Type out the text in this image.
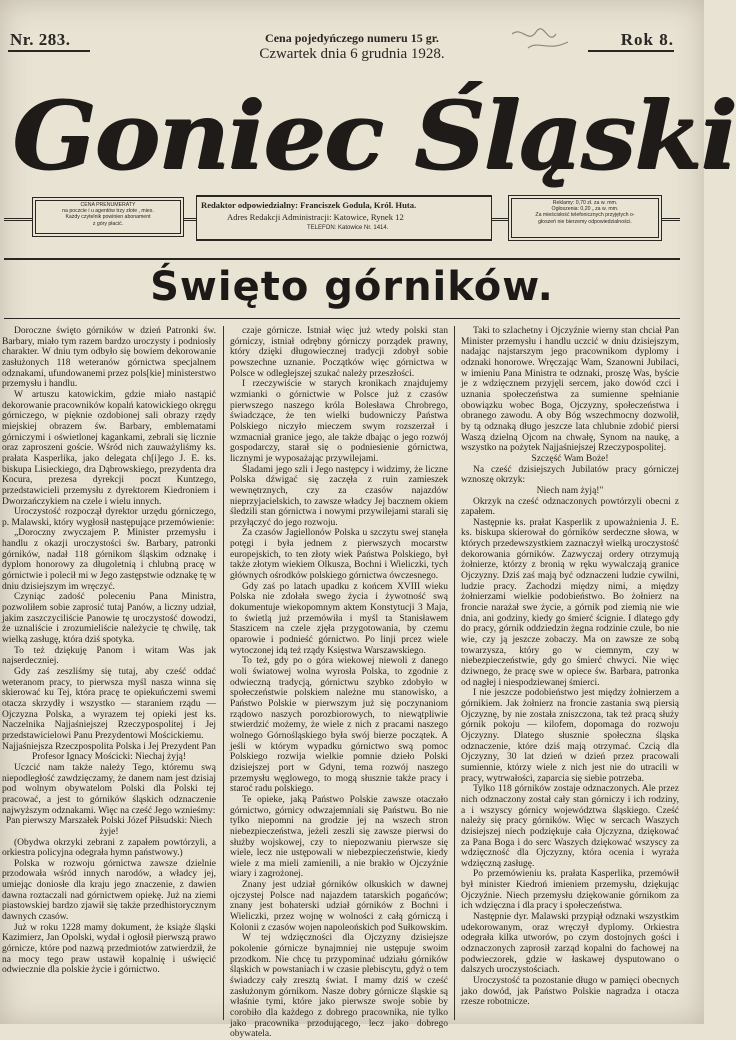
Nr. 283.	Cena pojedyńczego numeru 15 gr.
Czwartek dnia 6 grudnia 1928.
Rok 8.
Goniec Śląski
CENA PRENUMERATY
na poczcie i u agentów trzy złote , mies.
Każdy czytelnik powinien abonament
z góry płacić.
Redaktor odpowiedzialny: Franciszek Godula, Król. Huta.
Adres Redakcji Administracji: Katowice, Rynek 12
TELEFON: Katowice Nr. 1414.
Reklamy: 0,70 zł. za w. mm.
Ogłoszenia: 0,20 „ za w. mm.
Za mieścisłość telefonicznych przyjętych o-
głoszeń nie bierzemy odpowiedzialności.
Święto górników.

Doroczne święto górników w dzień Patronki św. Barbary, miało tym razem bardzo uroczysty i podniosły charakter. W dniu tym odbyło się bowiem dekorowanie zasłużonych 118 weteranów górnictwa specjalnem odznakami, ufundowanemi przez pols[kie] ministerstwo przemysłu i handlu.

W artuszu katowickim, gdzie miało nastąpić dekorowanie pracowników kopalń katowickiego okręgu górniczego, w pięknie ozdobionej sali obrazy rzędy miejskiej obrazem św. Barbary, emblematami górniczymi i oświetlonej kagankami, zebrali się licznie oraz zaproszeni goście. Wśród nich zauważyliśmy ks. prałata Kasperlika, jako delegata ch[i]ego J. E. ks. biskupa Lisieckiego, dra Dąbrowskiego, prezydenta dra Kocura, prezesa dyrekcji poczt Kuntzego, przedstawicieli przemysłu z dyrektorem Kiedroniem i Dworzańczykiem na czele i wielu innych.

Uroczystość rozpoczął dyrektor urzędu górniczego, p. Malawski, który wygłosił następujące przemówienie:

„Doroczny zwyczajem P. Minister przemysłu i handlu z okazji uroczystości św. Barbary, patronki górników, nadał 118 górnikom śląskim odznakę i dyplom honorowy za długoletnią i chlubną pracę w górnictwie i polecił mi w Jego zastępstwie odznakę tę w dniu dzisiejszym im wręczyć.

Czyniąc zadość poleceniu Pana Ministra, pozwoliłem sobie zaprosić tutaj Panów, a liczny udział, jakim zaszczyciliście Panowie tę uroczystość dowodzi, że uznaliście i zrozumieliście należycie tę chwilę, tak wielką zasługę, która dziś spotyka.

To też dziękuję Panom i witam Was jak najserdeczniej.

Gdy zaś zeszliśmy się tutaj, aby cześć oddać weteranom pracy, to pierwsza myśl nasza winna się skierować ku Tej, która pracę te opiekuńczemi swemi otacza skrzydły i wszystko — staraniem rządu — Ojczyzna Polska, a wyrazem tej opieki jest ks. Naczelnika Najjaśniejszej Rzeczypospolitej i Jej przedstawicielowi Panu Prezydentowi Mościckiemu.

Najjaśniejsza Rzeczpospolita Polska i Jej Prezydent Pan Profesor Ignacy Mościcki: Niechaj żyją!

Uczcić nam także należy Tego, któremu swą niepodległość zawdzięczamy, że danem nam jest dzisiaj pod wolnym obywatelom Polski dla Polski tej pracować, a jest to górników śląskich odznaczenie najwyższym odznakami. Więc na cześć Jego wznieśmy:

Pan pierwszy Marszałek Polski Józef Piłsudski: Niech żyje!

(Obydwa okrzyki zebrani z zapałem powtórzyli, a orkiestra policyjna odegrała hymn państwowy.)

Polska w rozwoju górnictwa zawsze dzielnie przodowała wśród innych narodów, a władcy jej, umiejąc doniosłe dla kraju jego znaczenie, z dawien dawna roztaczali nad górnictwem opiekę. Już na ziemi piastowskiej bardzo zjawił się także przedhistorycznym dawnych czasów.

Już w roku 1228 mamy dokument, że książe śląski Kazimierz, Jan Opolski, wydał i ogłosił pierwszą prawo górnicze, które pod nazwą przedmiotów zatwierdził, że na mocy tego praw ustawił kopalnię i uświęcić odwiecznie dla polskie życie i górnictwo.

czaje górnicze. Istniał więc już wtedy polski stan górniczy, istniał odrębny górniczy porządek prawny, który dzięki długowiecznej tradycji zdobył sobie powszechne uznanie. Początków więc górnictwa w Polsce w odległejszej szukać należy przeszłości.

I rzeczywiście w starych kronikach znajdujemy wzmianki o górnictwie w Polsce już z czasów pierwszego naszego króla Bolesława Chrobrego, świadczące, że ten wielki budowniczy Państwa Polskiego niczyło mieczem swym rozszerzał i wzmacniał granice jego, ale także dbając o jego rozwój gospodarczy, starał się o podniesienie górnictwa, licznymi je wyposażając przywilejami.

Śladami jego szli i Jego następcy i widzimy, że liczne Polska dźwigać się zaczęła z ruin zamieszek wewnętrznych, czy za czasów najazdów nieprzyjacielskich, to zawsze władcy Jej bacznem okiem śledzili stan górnictwa i nowymi przywilejami starali się przyłączyć do jego rozwoju.

Za czasów Jagiellonów Polska u szczytu swej stanęła potęgi i była jednem z pierwszych mocarstw europejskich, to ten złoty wiek Państwa Polskiego, był także złotym wiekiem Olkusza, Bochni i Wieliczki, tych głównych ośrodków polskiego górnictwa ówczesnego.

Gdy zaś po latach upadku z końcem XVIII wieku Polska nie zdołała swego życia i żywotność swą dokumentuje wiekopomnym aktem Konstytucji 3 Maja, to świetlą już przemówiła i myśl ta Stanisławem Staszicem na czele zjęła przygotowania, by czemu oparowie i podnieść górnictwo. Po linji prcez wiele wytoczonej idą też rządy Księstwa Warszawskiego.

To też, gdy po o góra wiekowej niewoli z danego woli światowej wolna wyrosła Polska, to zgodnie z odwieczną tradycją, górnictwu szybko zdobyło w społeczeństwie polskiem należne mu stanowisko, a Państwo Polskie w pierwszym już się poczynaniom rządowo naszych porozbiorowych, to niewątpliwie stwierdzić możemy, że wiele z nich z pracami naszego wolnego Górnośląskiego była swój bierze początek. A jeśli w którym wypadku górnictwo swą pomoc Polskiego rozwija wielkie pomnie dzieło Polski dzisiejszej port w Gdyni, tema rozwój naszego przemysłu węglowego, to mogą słusznie także pracy i staroć radu polskiego.

Te opieke, jaką Państwo Polskie zawsze otaczało górnictwo, górnicy odwzajemniali się Państwu. Bo nie tylko niepomni na grodzie jej na wszech stron niebezpieczeństwa, jeżeli zeszli się zawsze pierwsi do służby wojskowej, czy to niepozwaniu pierwsze się wiele, lecz nie ustępowali w niebezpieczeństwie, kiedy wiele z ma mieli zamienili, a nie brakło w Ojczyźnie wiary i zagrożonej.

Znany jest udział górników olkuskich w dawnej ojczystej Polsce nad najazdem tatarskich pogańców; znany jest bohaterski udział górników z Bochni i Wieliczki, przez wojnę w wolności z całą górniczą i Kolonii z czasów wojen napoleońskich pod Sułkowskim.

W tej wdzięczności dla Ojczyzny dzisiejsze pokolenie górnicze bynajmniej nie ustępuje swoim przodkom. Nie chcę tu przypominać udziału górników śląskich w powstaniach i w czasie plebiscytu, gdyż o tem świadczy cały zresztą świat. I mamy dziś w cześć zasłużonym górnikom. Nasze dobry górnicze śląskie są właśnie tymi, które jako pierwsze swoje sobie by corobiło dla każdego z dobrego pracownika, nie tylko jako pracownika przodującego, lecz jako dobrego obywatela.

Taki to szlachetny i Ojczyźnie wierny stan chciał Pan Minister przemysłu i handlu uczcić w dniu dzisiejszym, nadając najstarszym jego pracownikom dyplomy i odznaki honorowe. Wręczając Wam, Szanowni Jubilaci, w imieniu Pana Ministra te odznaki, proszę Was, byście je z wdzięcznem przyjęli sercem, jako dowód czci i uznania społeczeństwa za sumienne spełnianie obowiązku wobec Boga, Ojczyzny, społeczeństwa i obranego zawodu. A oby Bóg wszechmocny dozwolił, by tą odznaką długo jeszcze lata chlubnie zdobić piersi Waszą dzielną Ojcom na chwałę, Synom na naukę, a wszystko na pożytek Najjaśniejszej Rzeczypospolitej.

Szczęść Wam Boże!

Na cześć dzisiejszych Jubilatów pracy górniczej wznoszę okrzyk:

Niech nam żyją!"

Okrzyk na cześć odznaczonych powtórzyli obecni z zapałem.

Następnie ks. prałat Kasperlik z upoważnienia J. E. ks. biskupa skierował do górników serdeczne słowa, w których przedewszystkiem zaznaczył wielką uroczystość dekorowania górników. Zazwyczaj ordery otrzymują żołnierze, którzy z bronią w ręku wywalczają granice Ojczyzny. Dziś zaś mają być odznaczeni ludzie cywilni, ludzie pracy. Zachodzi między nimi, a między żołnierzami wielkie podobieństwo. Bo żołnierz na froncie narażał swe życie, a górnik pod ziemią nie wie dnia, ani godziny, kiedy go śmierć ścignie. I dlatego gdy do pracy, górnik oddziedzin żegna rodzinie czule, bo nie wie, czy ją jeszcze zobaczy. Ma on zawsze ze sobą towarzysza, który go w ciemnym, czy w niebezpieczeństwie, gdy go śmierć chwyci. Nie więc dziwnego, że pracę swe w opiece św. Barbara, patronka od nagłej i niespodziewanej śmierci.

I nie jeszcze podobieństwo jest między żołnierzem a górnikiem. Jak żołnierz na froncie zastania swą piersią Ojczyznę, by nie została zniszczona, tak też pracą służy górnik pokoju — kilofem, dopomaga do rozwoju Ojczyzny. Dlatego słusznie społeczna śląska odznaczenie, które dziś mają otrzymać. Czcią dla Ojczyzny, 30 lat dzień w dzień przez pracowali sumiennie, którzy wiele z nich jest nie do utracili w pracy, wytrwałości, zaparcia się siebie potrzeba.

Tylko 118 górników zostaje odznaczonych. Ale przez nich odznaczony został cały stan górniczy i ich rodziny, a i wszyscy górnicy województwa śląskiego. Cześć należy się pracy górników. Więc w sercach Waszych dzisiejszej niech podziękuje cała Ojczyzna, dziękować za Pana Boga i do serc Waszych dziękować wszyscy za wdzięczność dla Ojczyzny, która ocenia i wyraża wdzięczną zasługę.

Po przemówieniu ks. prałata Kasperlika, przemówił był minister Kiedroń imieniem przemysłu, dziękując Ojczyźnie. Niech przemysłu dziękowanie górnikom za ich wdzięczna i dla pracy i społeczeństwa.

Następnie dyr. Malawski przypiął odznaki wszystkim udekorowanym, oraz wręczył dyplomy. Orkiestra odegrała kilka utworów, po czym dostojnych gości i odznaczonych zaprosił zarząd kopalni do fachowej na podwieczorek, gdzie w łaskawej dysputowano o dalszych uroczystościach.

Uroczystość ta pozostanie długo w pamięci obecnych jako dowód, jak Państwo Polskie nagradza i otacza rzesze robotnicze.
